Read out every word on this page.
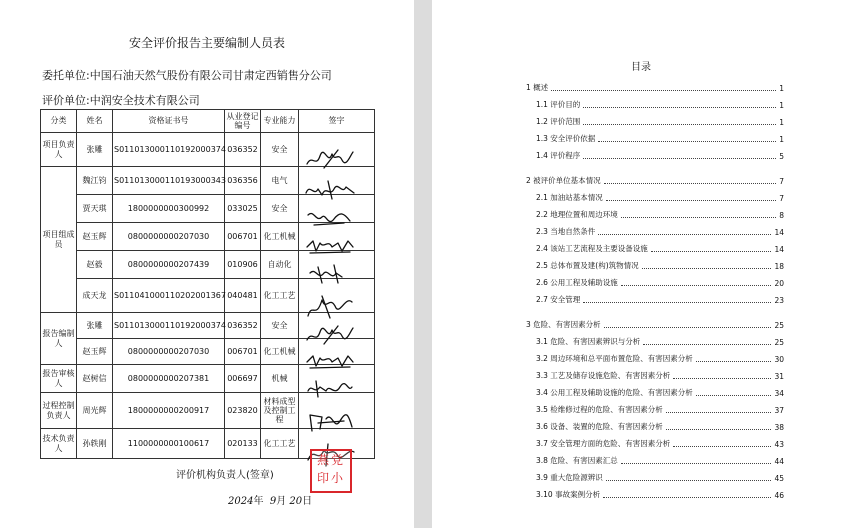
安全评价报告主要编制人员表
委托单位:中国石油天然气股份有限公司甘肃定西销售分公司
评价单位:中润安全技术有限公司
分类	姓名	资格证书号	从业登记编号	专业能力	签字
项目负责人	张雕	S011013000110192000374	036352	安全	

项目组成员	魏江钧	S011013000110193000343	036356	电气	

	贾天琪	1800000000300992	033025	安全	

	赵玉辉	0800000000207030	006701	化工机械	

	赵毅	0800000000207439	010906	自动化	

	成天龙	S011041000110202001367	040481	化工工艺	

报告编制人	张雕	S011013000110192000374	036352	安全	

	赵玉辉	0800000000207030	006701	化工机械	

报告审核人	赵树信	0800000000207381	006697	机械	

过程控制负责人	周光辉	1800000000200917	023820	材料成型及控制工程	

技术负责人	孙轶刚	1100000000100617	020133	化工工艺	
评价机构负责人(签章)
燕党
印小
2024年 9月 20日
目录
1 概述	1
1.1 评价目的	1
1.2 评价范围	1
1.3 安全评价依据	1
1.4 评价程序	5
2 被评价单位基本情况	7
2.1 加油站基本情况	7
2.2 地理位置和周边环境	8
2.3 当地自然条件	14
2.4 该站工艺流程及主要设备设施	14
2.5 总体布置及建(构)筑物情况	18
2.6 公用工程及辅助设施	20
2.7 安全管理	23
3 危险、有害因素分析	25
3.1 危险、有害因素辨识与分析	25
3.2 周边环境和总平面布置危险、有害因素分析	30
3.3 工艺及储存设施危险、有害因素分析	31
3.4 公用工程及辅助设施的危险、有害因素分析	34
3.5 检维修过程的危险、有害因素分析	37
3.6 设备、装置的危险、有害因素分析	38
3.7 安全管理方面的危险、有害因素分析	43
3.8 危险、有害因素汇总	44
3.9 重大危险源辨识	45
3.10 事故案例分析	46
